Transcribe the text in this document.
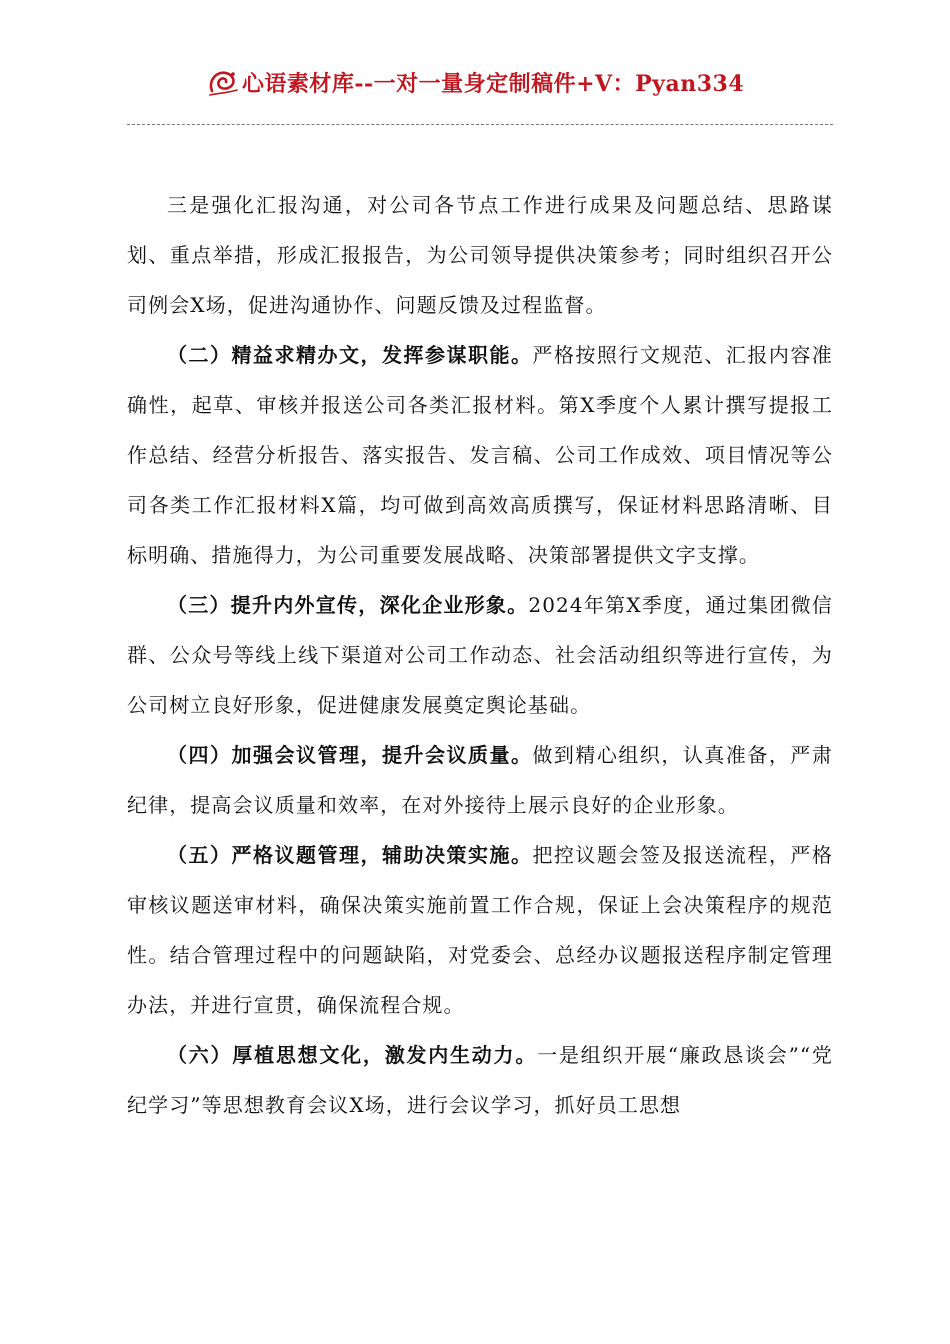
心语素材库--一对一量身定制稿件+V：Pyan334

三是强化汇报沟通，对公司各节点工作进行成果及问题总结、思路谋划、重点举措，形成汇报报告，为公司领导提供决策参考；同时组织召开公司例会X场，促进沟通协作、问题反馈及过程监督。

（二）精益求精办文，发挥参谋职能。严格按照行文规范、汇报内容准确性，起草、审核并报送公司各类汇报材料。第X季度个人累计撰写提报工作总结、经营分析报告、落实报告、发言稿、公司工作成效、项目情况等公司各类工作汇报材料X篇，均可做到高效高质撰写，保证材料思路清晰、目标明确、措施得力，为公司重要发展战略、决策部署提供文字支撑。

（三）提升内外宣传，深化企业形象。2024年第X季度，通过集团微信群、公众号等线上线下渠道对公司工作动态、社会活动组织等进行宣传，为公司树立良好形象，促进健康发展奠定舆论基础。

（四）加强会议管理，提升会议质量。做到精心组织，认真准备，严肃纪律，提高会议质量和效率，在对外接待上展示良好的企业形象。

（五）严格议题管理，辅助决策实施。把控议题会签及报送流程，严格审核议题送审材料，确保决策实施前置工作合规，保证上会决策程序的规范性。结合管理过程中的问题缺陷，对党委会、总经办议题报送程序制定管理办法，并进行宣贯，确保流程合规。

（六）厚植思想文化，激发内生动力。一是组织开展“廉政恳谈会”“党纪学习”等思想教育会议X场，进行会议学习，抓好员工思想
